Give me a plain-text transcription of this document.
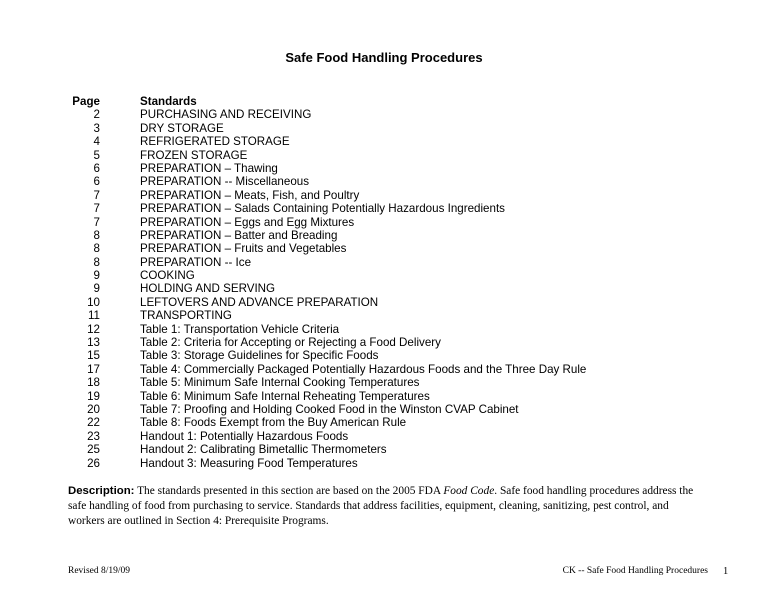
Safe Food Handling Procedures
Page	Standards
2	PURCHASING AND RECEIVING
3	DRY STORAGE
4	REFRIGERATED STORAGE
5	FROZEN STORAGE
6	PREPARATION – Thawing
6	PREPARATION -- Miscellaneous
7	PREPARATION – Meats, Fish, and Poultry
7	PREPARATION – Salads Containing Potentially Hazardous Ingredients
7	PREPARATION – Eggs and Egg Mixtures
8	PREPARATION – Batter and Breading
8	PREPARATION – Fruits and Vegetables
8	PREPARATION -- Ice
9	COOKING
9	HOLDING AND SERVING
10	LEFTOVERS AND ADVANCE PREPARATION
11	TRANSPORTING
12	Table 1: Transportation Vehicle Criteria
13	Table 2: Criteria for Accepting or Rejecting a Food Delivery
15	Table 3: Storage Guidelines for Specific Foods
17	Table 4: Commercially Packaged Potentially Hazardous Foods and the Three Day Rule
18	Table 5: Minimum Safe Internal Cooking Temperatures
19	Table 6: Minimum Safe Internal Reheating Temperatures
20	Table 7: Proofing and Holding Cooked Food in the Winston CVAP Cabinet
22	Table 8: Foods Exempt from the Buy American Rule
23	Handout 1: Potentially Hazardous Foods
25	Handout 2: Calibrating Bimetallic Thermometers
26	Handout 3: Measuring Food Temperatures
Description: The standards presented in this section are based on the 2005 FDA Food Code. Safe food handling procedures address the safe handling of food from purchasing to service. Standards that address facilities, equipment, cleaning, sanitizing, pest control, and workers are outlined in Section 4: Prerequisite Programs.
Revised 8/19/09	CK -- Safe Food Handling Procedures 1
